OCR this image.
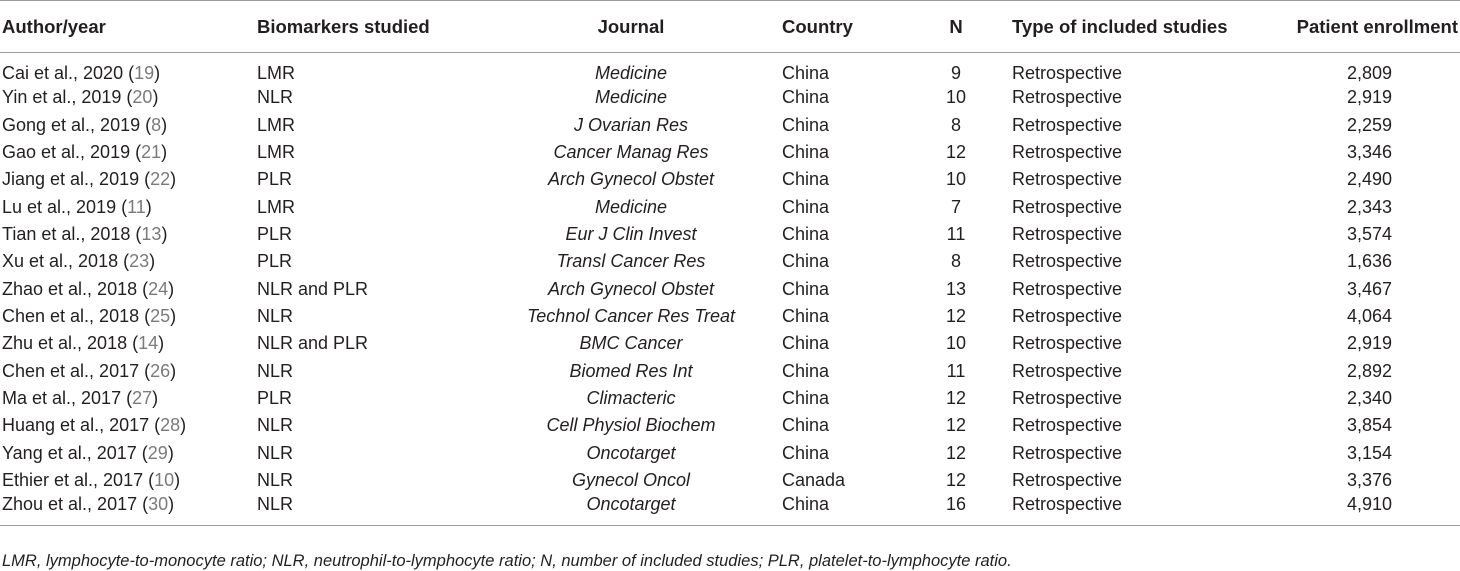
Author/year	Biomarkers studied	Journal	Country	N	Type of included studies	Patient enrollment
Cai et al., 2020 (19)	LMR	Medicine	China	9	Retrospective	2,809
Yin et al., 2019 (20)	NLR	Medicine	China	10	Retrospective	2,919
Gong et al., 2019 (8)	LMR	J Ovarian Res	China	8	Retrospective	2,259
Gao et al., 2019 (21)	LMR	Cancer Manag Res	China	12	Retrospective	3,346
Jiang et al., 2019 (22)	PLR	Arch Gynecol Obstet	China	10	Retrospective	2,490
Lu et al., 2019 (11)	LMR	Medicine	China	7	Retrospective	2,343
Tian et al., 2018 (13)	PLR	Eur J Clin Invest	China	11	Retrospective	3,574
Xu et al., 2018 (23)	PLR	Transl Cancer Res	China	8	Retrospective	1,636
Zhao et al., 2018 (24)	NLR and PLR	Arch Gynecol Obstet	China	13	Retrospective	3,467
Chen et al., 2018 (25)	NLR	Technol Cancer Res Treat	China	12	Retrospective	4,064
Zhu et al., 2018 (14)	NLR and PLR	BMC Cancer	China	10	Retrospective	2,919
Chen et al., 2017 (26)	NLR	Biomed Res Int	China	11	Retrospective	2,892
Ma et al., 2017 (27)	PLR	Climacteric	China	12	Retrospective	2,340
Huang et al., 2017 (28)	NLR	Cell Physiol Biochem	China	12	Retrospective	3,854
Yang et al., 2017 (29)	NLR	Oncotarget	China	12	Retrospective	3,154
Ethier et al., 2017 (10)	NLR	Gynecol Oncol	Canada	12	Retrospective	3,376
Zhou et al., 2017 (30)	NLR	Oncotarget	China	16	Retrospective	4,910
LMR, lymphocyte-to-monocyte ratio; NLR, neutrophil-to-lymphocyte ratio; N, number of included studies; PLR, platelet-to-lymphocyte ratio.
